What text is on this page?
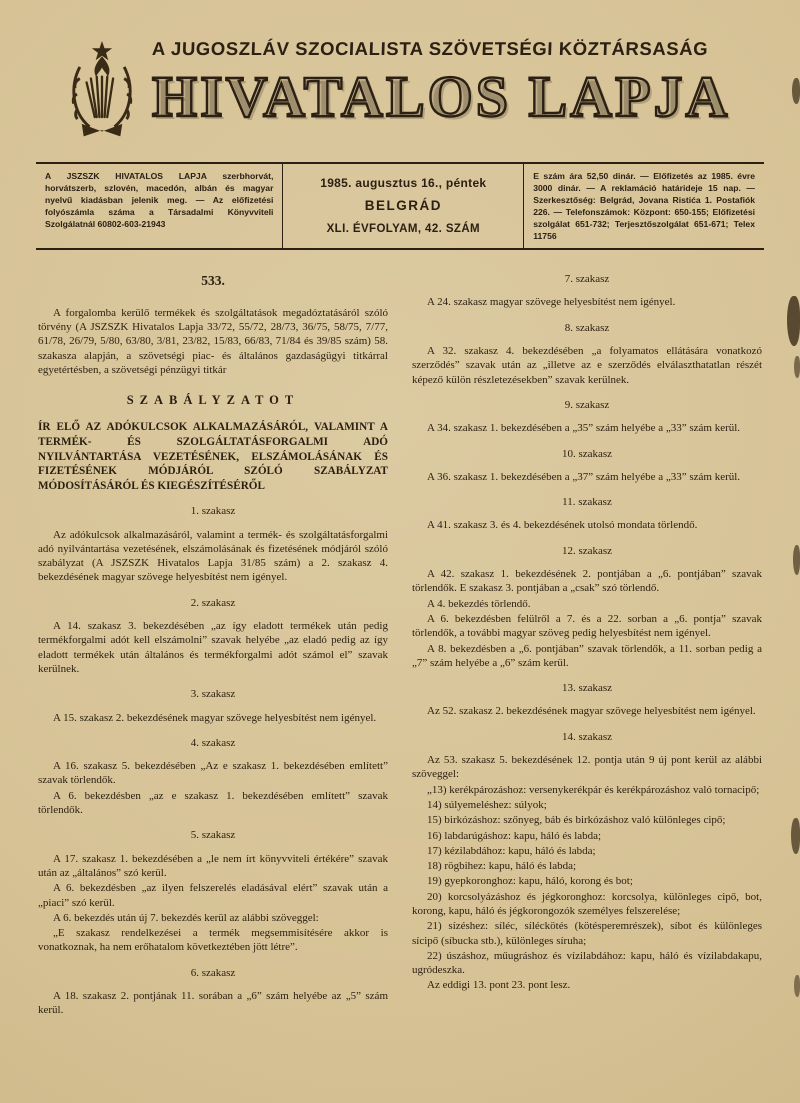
A JUGOSZLÁV SZOCIALISTA SZÖVETSÉGI KÖZTÁRSASÁG
HIVATALOS LAPJA
A JSZSZK HIVATALOS LAPJA szerbhorvát, horvátszerb, szlovén, macedón, albán és magyar nyelvű kiadásban jelenik meg. — Az előfizetési folyószámla száma a Társadalmi Könyvviteli Szolgálatnál 60802-603-21943
1985. augusztus 16., péntek
BELGRÁD
XLI. ÉVFOLYAM, 42. SZÁM
E szám ára 52,50 dinár. — Előfizetés az 1985. évre 3000 dinár. — A reklamáció határideje 15 nap. — Szerkesztőség: Belgrád, Jovana Ristića 1. Postafiók 226. — Telefonszámok: Központ: 650-155; Előfizetési szolgálat 651-732; Terjesztőszolgálat 651-671; Telex 11756
533.
A forgalomba kerülő termékek és szolgáltatások megadóztatásáról szóló törvény (A JSZSZK Hivatalos Lapja 33/72, 55/72, 28/73, 36/75, 58/75, 7/77, 61/78, 26/79, 5/80, 63/80, 3/81, 23/82, 15/83, 66/83, 71/84 és 39/85 szám) 58. szakasza alapján, a szövetségi piac- és általános gazdaságügyi titkárral egyetértésben, a szövetségi pénzügyi titkár
SZABÁLYZATOT
ÍR ELŐ AZ ADÓKULCSOK ALKALMAZÁSÁRÓL, VALAMINT A TERMÉK- ÉS SZOLGÁLTATÁSFORGALMI ADÓ NYILVÁNTARTÁSA VEZETÉSÉNEK, ELSZÁMOLÁSÁNAK ÉS FIZETÉSÉNEK MÓDJÁRÓL SZÓLÓ SZABÁLYZAT MÓDOSÍTÁSÁRÓL ÉS KIEGÉSZÍTÉSÉRŐL
1. szakasz
Az adókulcsok alkalmazásáról, valamint a termék- és szolgáltatásforgalmi adó nyilvántartása vezetésének, elszámolásának és fizetésének módjáról szóló szabályzat (A JSZSZK Hivatalos Lapja 31/85 szám) a 2. szakasz 4. bekezdésének magyar szövege helyesbítést nem igényel.
2. szakasz
A 14. szakasz 3. bekezdésében „az így eladott termékek után pedig termékforgalmi adót kell elszámolni” szavak helyébe „az eladó pedig az így eladott termékek után általános és termékforgalmi adót számol el” szavak kerülnek.
3. szakasz
A 15. szakasz 2. bekezdésének magyar szövege helyesbítést nem igényel.
4. szakasz
A 16. szakasz 5. bekezdésében „Az e szakasz 1. bekezdésében említett” szavak törlendők.
A 6. bekezdésben „az e szakasz 1. bekezdésében említett” szavak törlendők.
5. szakasz
A 17. szakasz 1. bekezdésében a „le nem írt könyvviteli értékére” szavak után az „általános” szó kerül.
A 6. bekezdésben „az ilyen felszerelés eladásával elért” szavak után a „piaci” szó kerül.
A 6. bekezdés után új 7. bekezdés kerül az alábbi szöveggel:
„E szakasz rendelkezései a termék megsemmisítésére akkor is vonatkoznak, ha nem erőhatalom következtében jött létre”.
6. szakasz
A 18. szakasz 2. pontjának 11. sorában a „6” szám helyébe az „5” szám kerül.
7. szakasz
A 24. szakasz magyar szövege helyesbítést nem igényel.
8. szakasz
A 32. szakasz 4. bekezdésében „a folyamatos ellátására vonatkozó szerződés” szavak után az „illetve az e szerződés elválaszthatatlan részét képező külön részletezésekben” szavak kerülnek.
9. szakasz
A 34. szakasz 1. bekezdésében a „35” szám helyébe a „33” szám kerül.
10. szakasz
A 36. szakasz 1. bekezdésében a „37” szám helyébe a „33” szám kerül.
11. szakasz
A 41. szakasz 3. és 4. bekezdésének utolsó mondata törlendő.
12. szakasz
A 42. szakasz 1. bekezdésének 2. pontjában a „6. pontjában” szavak törlendők. E szakasz 3. pontjában a „csak” szó törlendő.
A 4. bekezdés törlendő.
A 6. bekezdésben felülről a 7. és a 22. sorban a „6. pontja” szavak törlendők, a további magyar szöveg pedig helyesbítést nem igényel.
A 8. bekezdésben a „6. pontjában” szavak törlendők, a 11. sorban pedig a „7” szám helyébe a „6” szám kerül.
13. szakasz
Az 52. szakasz 2. bekezdésének magyar szövege helyesbítést nem igényel.
14. szakasz
Az 53. szakasz 5. bekezdésének 12. pontja után 9 új pont kerül az alábbi szöveggel:
„13) kerékpározáshoz: versenykerékpár és kerékpározáshoz való tornacipő;
14) súlyemeléshez: súlyok;
15) birkózáshoz: szőnyeg, báb és birkózáshoz való különleges cipő;
16) labdarúgáshoz: kapu, háló és labda;
17) kézilabdához: kapu, háló és labda;
18) rögbihez: kapu, háló és labda;
19) gyepkoronghoz: kapu, háló, korong és bot;
20) korcsolyázáshoz és jégkoronghoz: korcsolya, különleges cipő, bot, korong, kapu, háló és jégkorongozók személyes felszerelése;
21) sízéshez: síléc, síléckötés (kötésperemrészek), síbot és különleges sícipő (síbucka stb.), különleges síruha;
22) úszáshoz, műugráshoz és vízilabdához: kapu, háló és vízilabdakapu, ugródeszka.
Az eddigi 13. pont 23. pont lesz.
